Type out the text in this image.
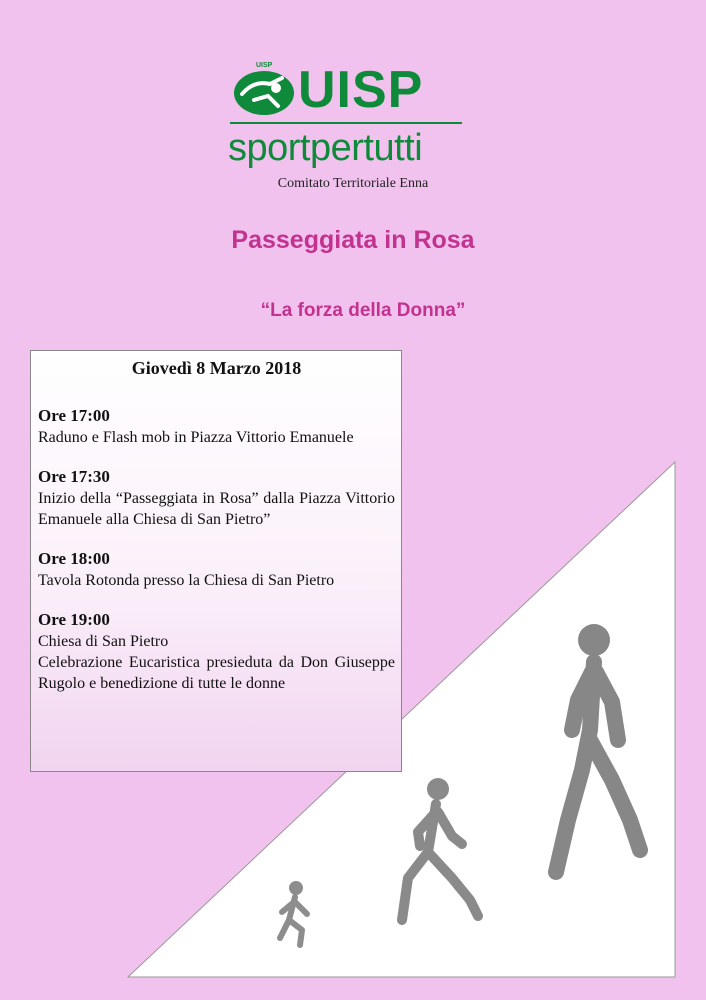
UISP UISP
sportpertutti
Comitato Territoriale Enna
Passeggiata in Rosa
“La forza della Donna”
Giovedì 8 Marzo 2018
Ore 17:00

Raduno e Flash mob in Piazza Vittorio Emanuele

Ore 17:30

Inizio della “Passeggiata in Rosa” dalla Piazza Vittorio Emanuele alla Chiesa di San Pietro”

Ore 18:00

Tavola Rotonda presso la Chiesa di San Pietro

Ore 19:00

Chiesa di San Pietro

Celebrazione Eucaristica presieduta da Don Giuseppe Rugolo e benedizione di tutte le donne
